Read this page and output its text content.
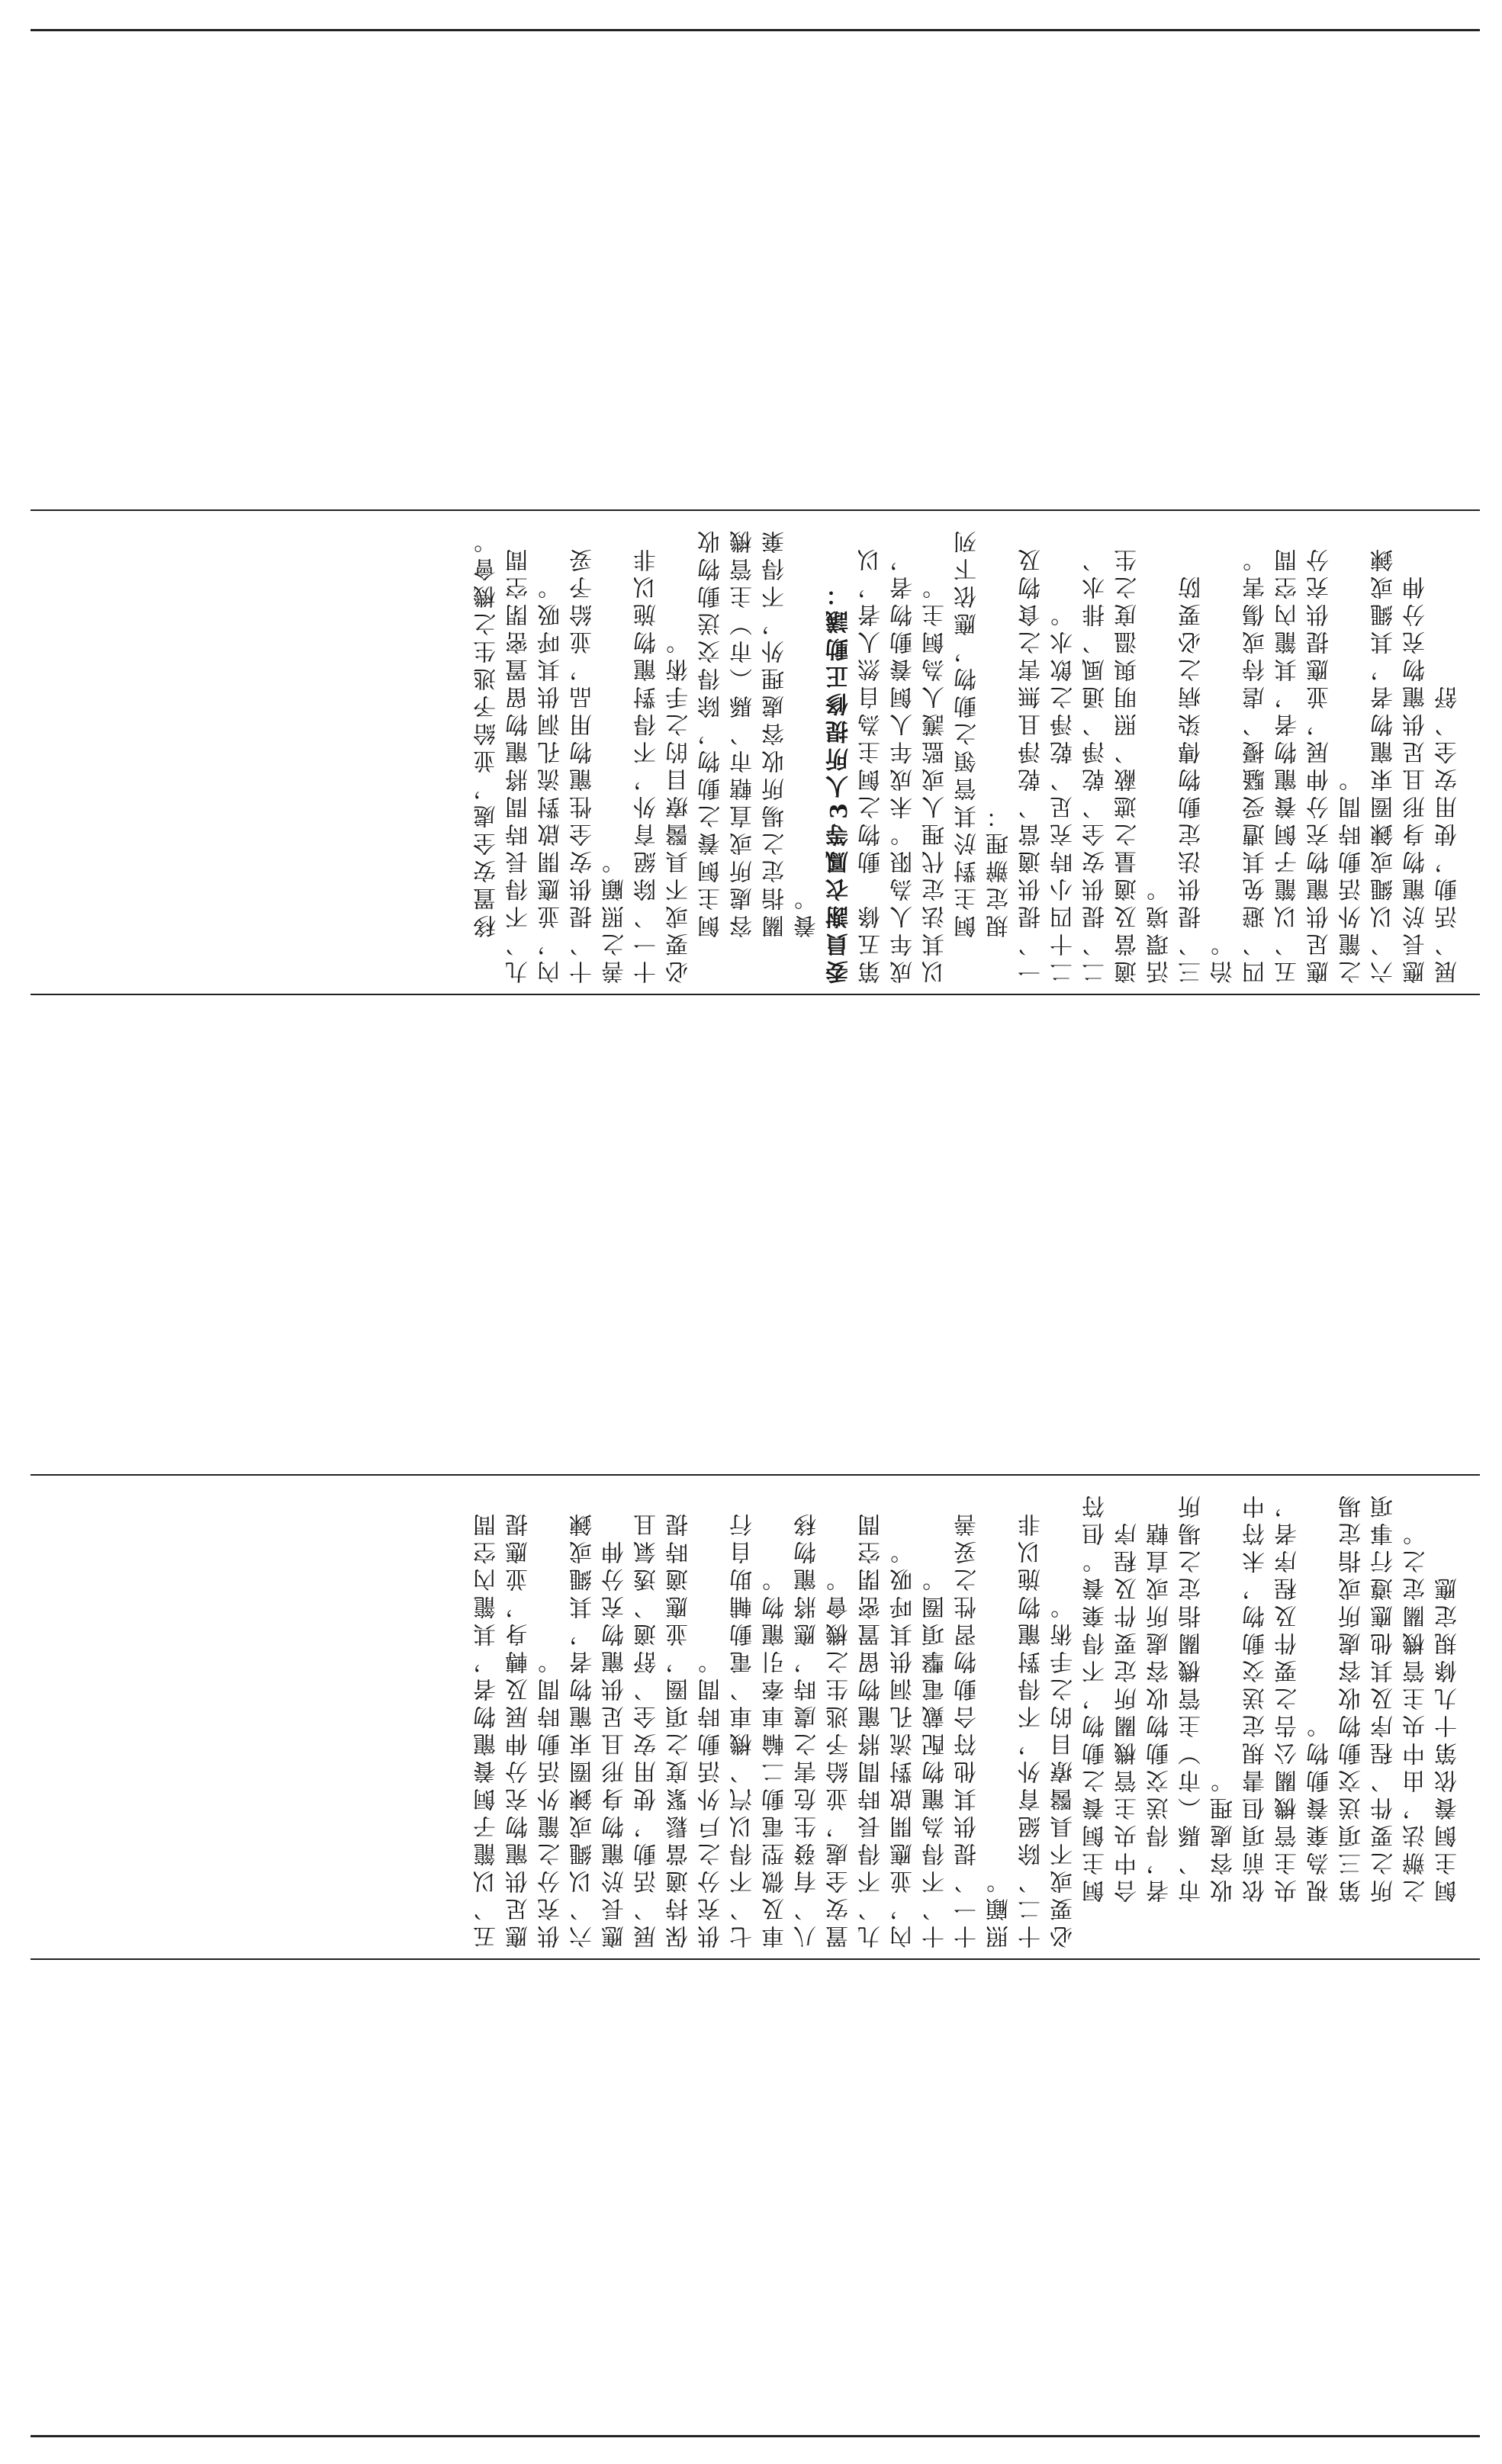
移置安全處，並給予逃生之機會。 九、不得長時間將寵物留置密閉空間內，並應開啟對流孔洞供其呼吸。 十、提供安全性寵物用品，並給予妥善之照顧。 十一、除絕育外，不得對寵物施以非必要或不具醫療目的之手術。 飼主飼養之動物，除得交送動物收容處所或直轄市、縣（市）主管機關指定之場所收容處理外，不得棄養。 委員謝衣鳳等3人所提修正動議： 第五條　動物之飼主為自然人者，以成年人為限。未成年人飼養動物者，以其法定代理人或監護人為飼主。 飼主對於其管領之動物，應依下列規定辦理： 一、提供適當、乾淨且無害之食物及二十四小時充足、乾淨之飲水。 二、提供安全、乾淨、通風、排水、適當及適量之遮蔽、照明與溫度之生活環境。 三、提供法定動物傳染病之必要防治。 四、避免其遭受騷擾、虐待或傷害。 五、以籠子飼養寵物者，其籠內空間應足供寵物充分伸展，並應提供充分之籠外活動時間。 六、以繩或鍊圈束寵物者，其繩或鍊應長於寵物身形且足供寵物充分伸展、活動，使用安全、舒

五、以籠子飼養寵物者，其籠內空間應足供寵物充分伸展及轉身，並應提供充分之籠外活動時間。 六、以繩或鍊圈束寵物者，其繩或鍊應長於寵物身形且足供寵物充分伸展、活動，使用安全、舒適、透氣且保持適當鬆緊度之項圈，並應適時提供充分之戶外活動時間。 七、不得以汽、機車、電動輔助自行車及微型電動二輪車牽引寵物。 八、有發生危害之虞時，應將寵物移置安全處，並給予逃生之機會。 九、不得長時間將寵物留置密閉空間內，並應開啟對流孔洞供其呼吸。 十、不得為寵物配戴電擊項圈。 十一、提供其他符合動物習性之妥善照顧。 十二、除絕育外，不得對寵物施以非必要或不具醫療目的之手術。 飼主飼養之動物，不得棄養。但符合中央主管機關所定要件及程序者，得送交動物收容處所或直轄市、縣（市）主管機關指定之場所收容處理。 依前項但書規定送交動物，未符中央主管機關公告之要件及程序者，視為棄養動物。 第三項送交動物收容處所或指定場所之要件、程序及其他應遵行事項之辦法，由中央主管機關定之。 飼主飼養依第十九條規定應
